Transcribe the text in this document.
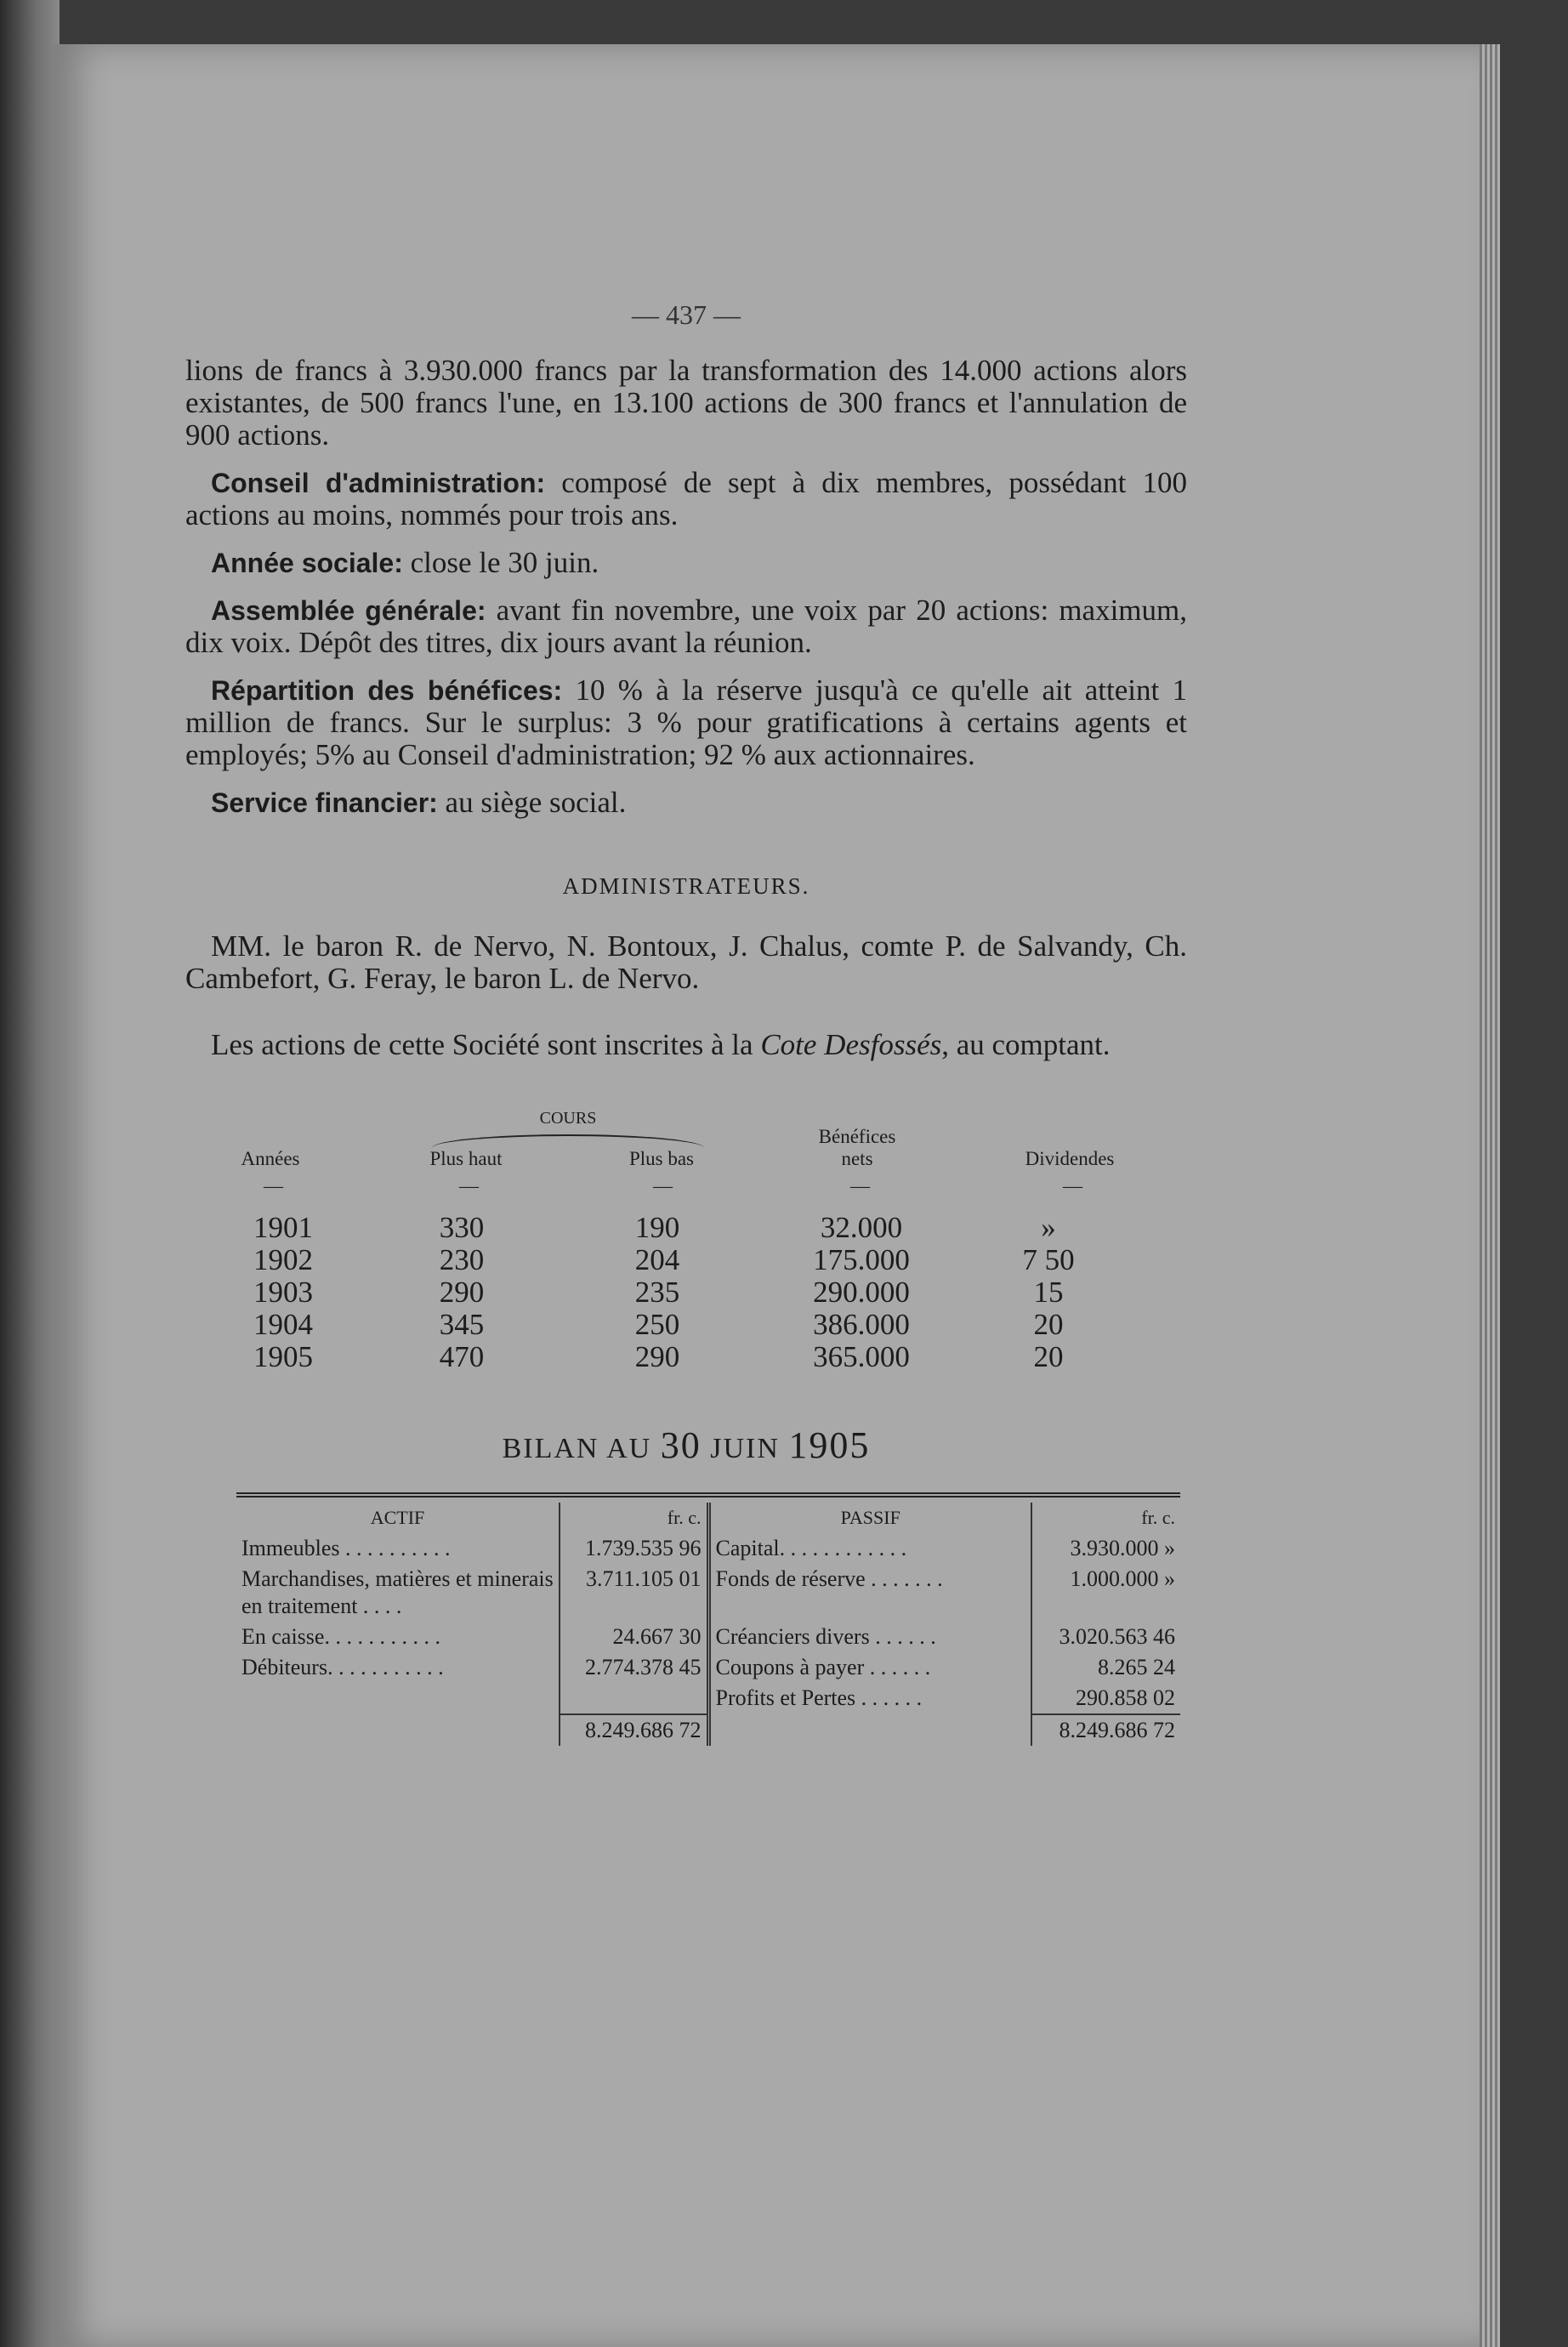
— 437 —

lions de francs à 3.930.000 francs par la transformation des 14.000 actions alors existantes, de 500 francs l'une, en 13.100 actions de 300 francs et l'annulation de 900 actions.

Conseil d'administration: composé de sept à dix membres, possédant 100 actions au moins, nommés pour trois ans.

Année sociale: close le 30 juin.

Assemblée générale: avant fin novembre, une voix par 20 actions: maximum, dix voix. Dépôt des titres, dix jours avant la réunion.

Répartition des bénéfices: 10 % à la réserve jusqu'à ce qu'elle ait atteint 1 million de francs. Sur le surplus: 3 % pour gratifications à certains agents et employés; 5% au Conseil d'administration; 92 % aux actionnaires.

Service financier: au siège social.

ADMINISTRATEURS.

MM. le baron R. de Nervo, N. Bontoux, J. Chalus, comte P. de Salvandy, Ch. Cambefort, G. Feray, le baron L. de Nervo.

Les actions de cette Société sont inscrites à la Cote Desfossés, au comptant.

COURS
Bénéfices
Années	Plus haut	Plus bas	nets	Dividendes
—	—	—	—	—
1901	330	190	32.000	»
1902	230	204	175.000	7 50
1903	290	235	290.000	15
1904	345	250	386.000	20
1905	470	290	365.000	20
BILAN AU 30 JUIN 1905
ACTIF	fr. c.	PASSIF	fr. c.
Immeubles . . . . . . . . . .	1.739.535 96	Capital. . . . . . . . . . . .	3.930.000 »
Marchandises, matières et minerais en traitement . . . .	3.711.105 01	Fonds de réserve . . . . . . .	1.000.000 »
En caisse. . . . . . . . . . .	24.667 30	Créanciers divers . . . . . .	3.020.563 46
Débiteurs. . . . . . . . . . .	2.774.378 45	Coupons à payer . . . . . .	8.265 24
		Profits et Pertes . . . . . .	290.858 02
	8.249.686 72		8.249.686 72
